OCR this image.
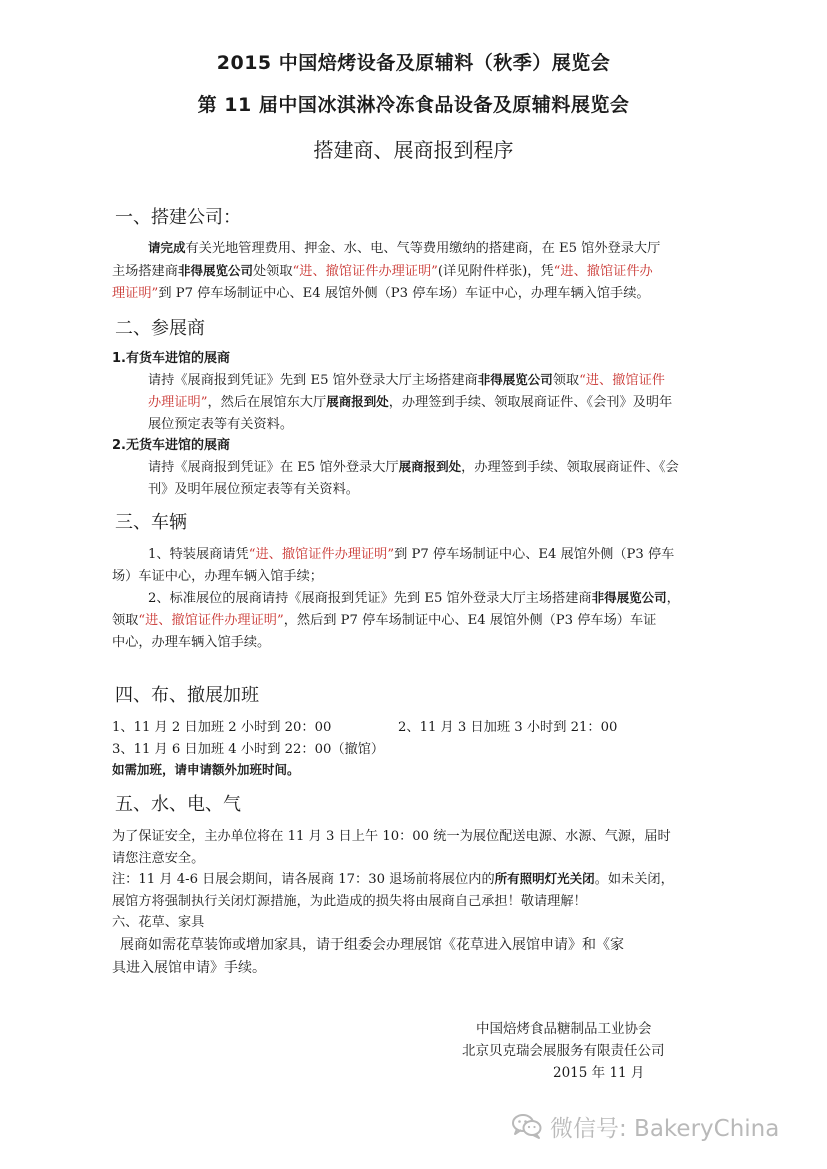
2015 中国焙烤设备及原辅料（秋季）展览会
第 11 届中国冰淇淋冷冻食品设备及原辅料展览会
搭建商、展商报到程序
一、搭建公司：
请完成有关光地管理费用、押金、水、电、气等费用缴纳的搭建商，在 E5 馆外登录大厅
主场搭建商非得展览公司处领取“进、撤馆证件办理证明”(详见附件样张)，凭“进、撤馆证件办
理证明”到 P7 停车场制证中心、E4 展馆外侧（P3 停车场）车证中心，办理车辆入馆手续。
二、参展商
1.有货车进馆的展商
请持《展商报到凭证》先到 E5 馆外登录大厅主场搭建商非得展览公司领取“进、撤馆证件
办理证明”，然后在展馆东大厅展商报到处，办理签到手续、领取展商证件、《会刊》及明年
展位预定表等有关资料。
2.无货车进馆的展商
请持《展商报到凭证》在 E5 馆外登录大厅展商报到处，办理签到手续、领取展商证件、《会
刊》及明年展位预定表等有关资料。
三、车辆
1、特装展商请凭“进、撤馆证件办理证明”到 P7 停车场制证中心、E4 展馆外侧（P3 停车
场）车证中心，办理车辆入馆手续；
2、标准展位的展商请持《展商报到凭证》先到 E5 馆外登录大厅主场搭建商非得展览公司，
领取“进、撤馆证件办理证明”，然后到 P7 停车场制证中心、E4 展馆外侧（P3 停车场）车证
中心，办理车辆入馆手续。
四、布、撤展加班
1、11 月 2 日加班 2 小时到 20：00	2、11 月 3 日加班 3 小时到 21：00
3、11 月 6 日加班 4 小时到 22：00（撤馆）
如需加班，请申请额外加班时间。
五、水、电、气
为了保证安全，主办单位将在 11 月 3 日上午 10：00 统一为展位配送电源、水源、气源，届时
请您注意安全。
注：11 月 4-6 日展会期间，请各展商 17：30 退场前将展位内的所有照明灯光关闭。如未关闭，
展馆方将强制执行关闭灯源措施，为此造成的损失将由展商自己承担！敬请理解！
六、花草、家具
展商如需花草装饰或增加家具，请于组委会办理展馆《花草进入展馆申请》和《家
具进入展馆申请》手续。
中国焙烤食品糖制品工业协会
北京贝克瑞会展服务有限责任公司
2015 年 11 月
微信号: BakeryChina
